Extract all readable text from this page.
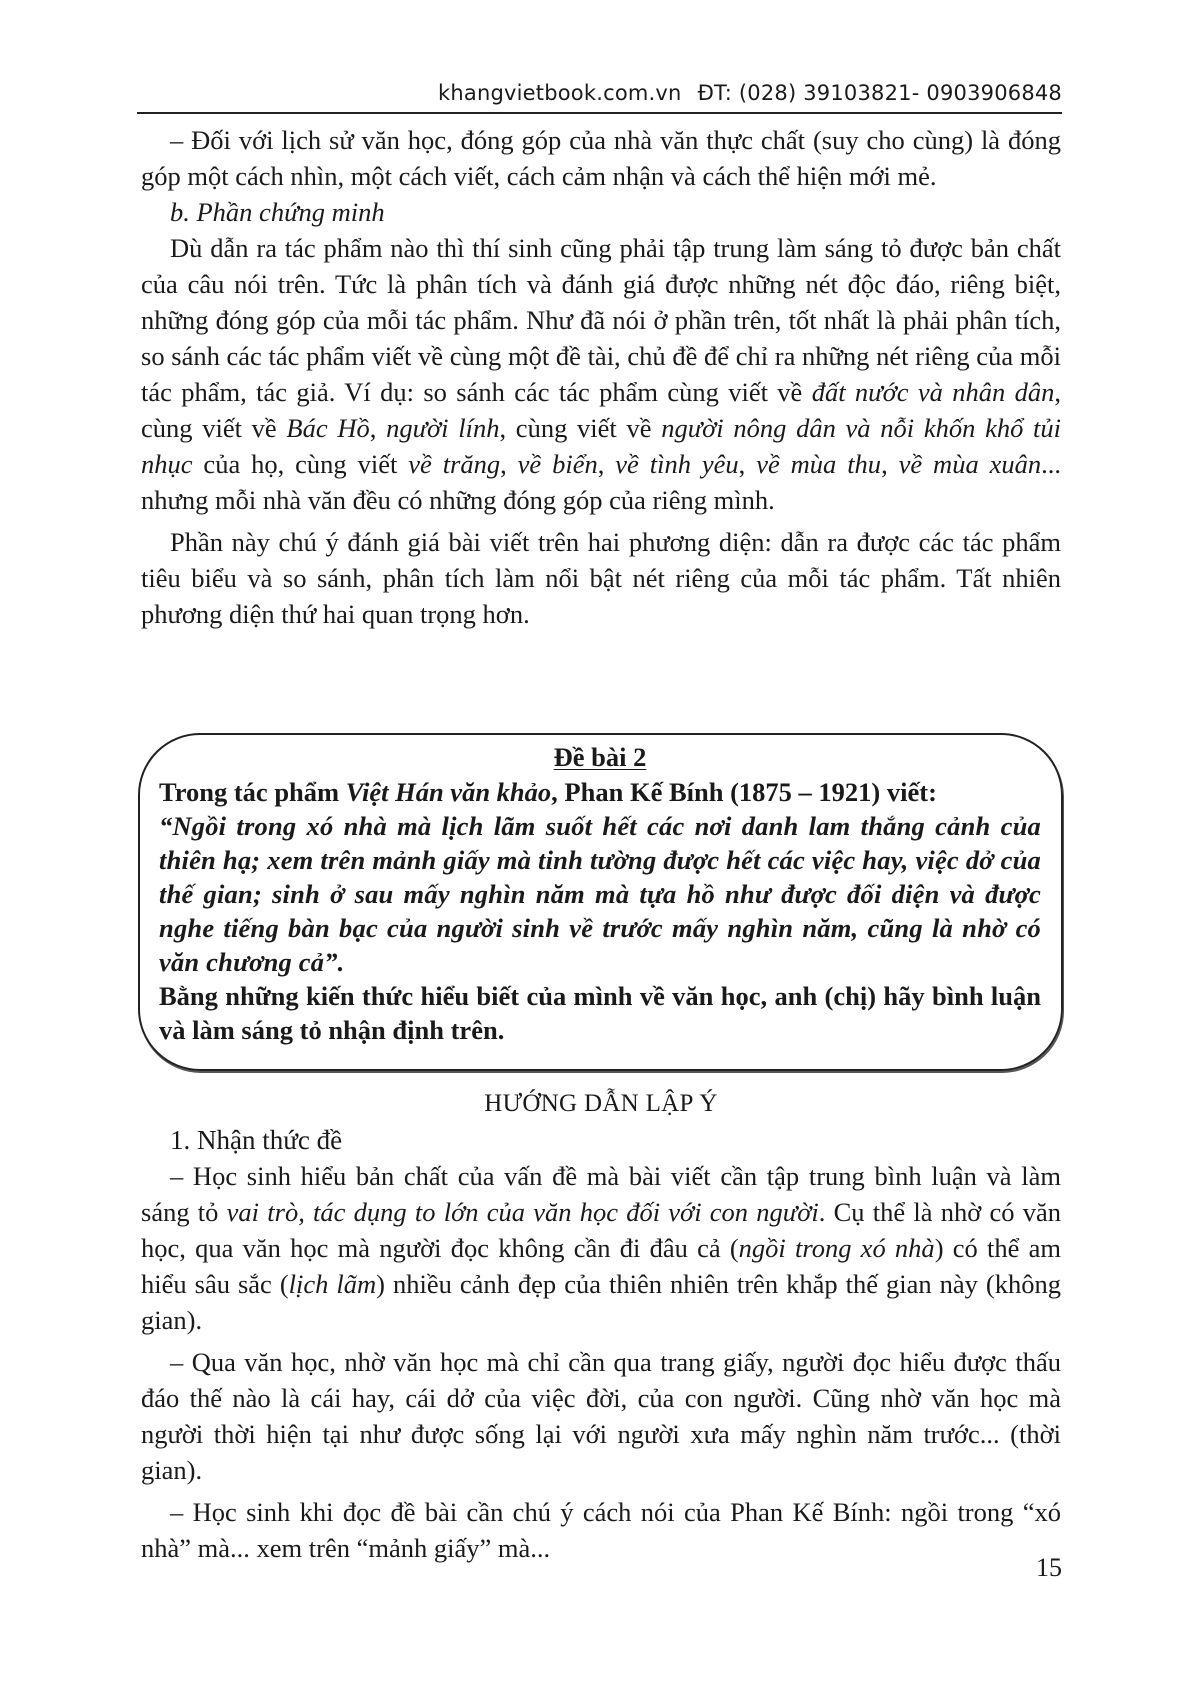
khangvietbook.com.vn ĐT: (028) 39103821- 0903906848

– Đối với lịch sử văn học, đóng góp của nhà văn thực chất (suy cho cùng) là đóng góp một cách nhìn, một cách viết, cách cảm nhận và cách thể hiện mới mẻ.

b. Phần chứng minh

Dù dẫn ra tác phẩm nào thì thí sinh cũng phải tập trung làm sáng tỏ được bản chất của câu nói trên. Tức là phân tích và đánh giá được những nét độc đáo, riêng biệt, những đóng góp của mỗi tác phẩm. Như đã nói ở phần trên, tốt nhất là phải phân tích, so sánh các tác phẩm viết về cùng một đề tài, chủ đề để chỉ ra những nét riêng của mỗi tác phẩm, tác giả. Ví dụ: so sánh các tác phẩm cùng viết về đất nước và nhân dân, cùng viết về Bác Hồ, người lính, cùng viết về người nông dân và nỗi khốn khổ tủi nhục của họ, cùng viết về trăng, về biển, về tình yêu, về mùa thu, về mùa xuân... nhưng mỗi nhà văn đều có những đóng góp của riêng mình.

Phần này chú ý đánh giá bài viết trên hai phương diện: dẫn ra được các tác phẩm tiêu biểu và so sánh, phân tích làm nổi bật nét riêng của mỗi tác phẩm. Tất nhiên phương diện thứ hai quan trọng hơn.

Đề bài 2
Trong tác phẩm Việt Hán văn khảo, Phan Kế Bính (1875 – 1921) viết:
“Ngồi trong xó nhà mà lịch lãm suốt hết các nơi danh lam thắng cảnh của thiên hạ; xem trên mảnh giấy mà tinh tường được hết các việc hay, việc dở của thế gian; sinh ở sau mấy nghìn năm mà tựa hồ như được đối diện và được nghe tiếng bàn bạc của người sinh về trước mấy nghìn năm, cũng là nhờ có văn chương cả”.
Bằng những kiến thức hiểu biết của mình về văn học, anh (chị) hãy bình luận và làm sáng tỏ nhận định trên.
HƯỚNG DẪN LẬP Ý
1. Nhận thức đề

– Học sinh hiểu bản chất của vấn đề mà bài viết cần tập trung bình luận và làm sáng tỏ vai trò, tác dụng to lớn của văn học đối với con người. Cụ thể là nhờ có văn học, qua văn học mà người đọc không cần đi đâu cả (ngồi trong xó nhà) có thể am hiểu sâu sắc (lịch lãm) nhiều cảnh đẹp của thiên nhiên trên khắp thế gian này (không gian).

– Qua văn học, nhờ văn học mà chỉ cần qua trang giấy, người đọc hiểu được thấu đáo thế nào là cái hay, cái dở của việc đời, của con người. Cũng nhờ văn học mà người thời hiện tại như được sống lại với người xưa mấy nghìn năm trước... (thời gian).

– Học sinh khi đọc đề bài cần chú ý cách nói của Phan Kế Bính: ngồi trong “xó nhà” mà... xem trên “mảnh giấy” mà...

15
